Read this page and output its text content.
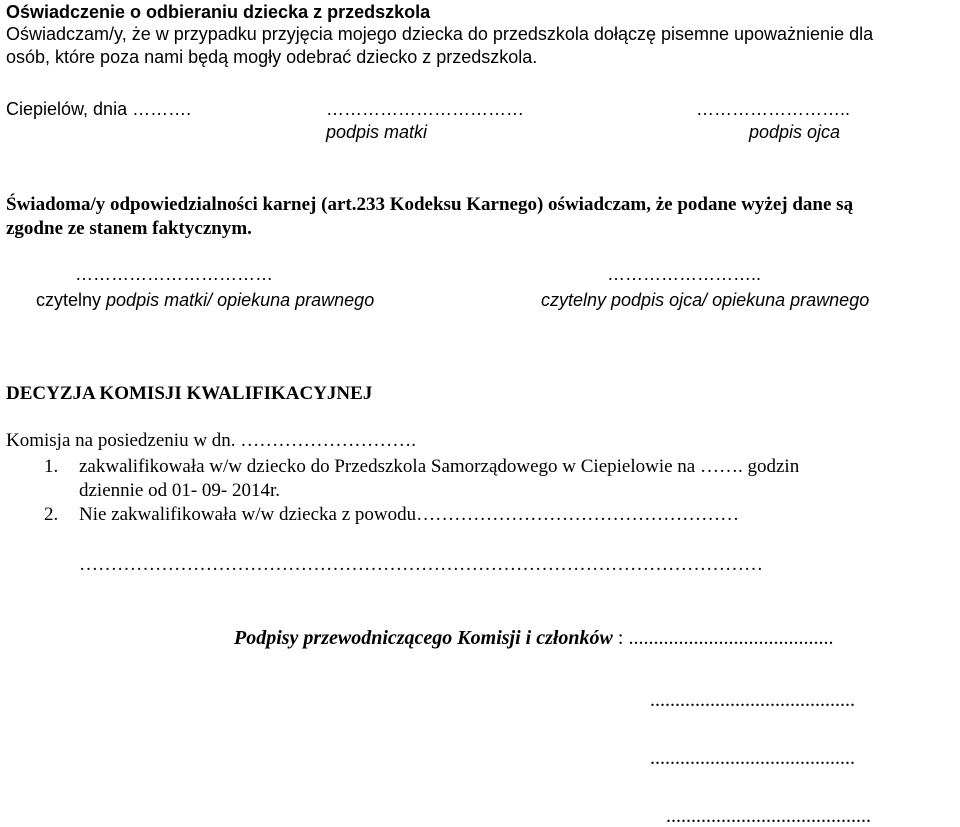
Oświadczenie o odbieraniu dziecka z przedszkola
Oświadczam/y, że w przypadku przyjęcia mojego dziecka do przedszkola dołączę pisemne upoważnienie dla
osób, które poza nami będą mogły odebrać dziecko z przedszkola.
Ciepielów, dnia ……….	……………………………	……………………..
podpis matki	podpis ojca
Świadoma/y odpowiedzialności karnej (art.233 Kodeksu Karnego) oświadczam, że podane wyżej dane są
zgodne ze stanem faktycznym.
……………………………	……………………..
czytelny podpis matki/ opiekuna prawnego	czytelny podpis ojca/ opiekuna prawnego
DECYZJA KOMISJI KWALIFIKACYJNEJ
Komisja na posiedzeniu w dn. ……………………….
1. zakwalifikowała w/w dziecko do Przedszkola Samorządowego w Ciepielowie na ……. godzin
dziennie od 01- 09- 2014r.
2. Nie zakwalifikowała w/w dziecka z powodu……………………………………………
………………………………………………………………………………………………
Podpisy przewodniczącego Komisji i członków : .........................................
.........................................
.........................................
.........................................
